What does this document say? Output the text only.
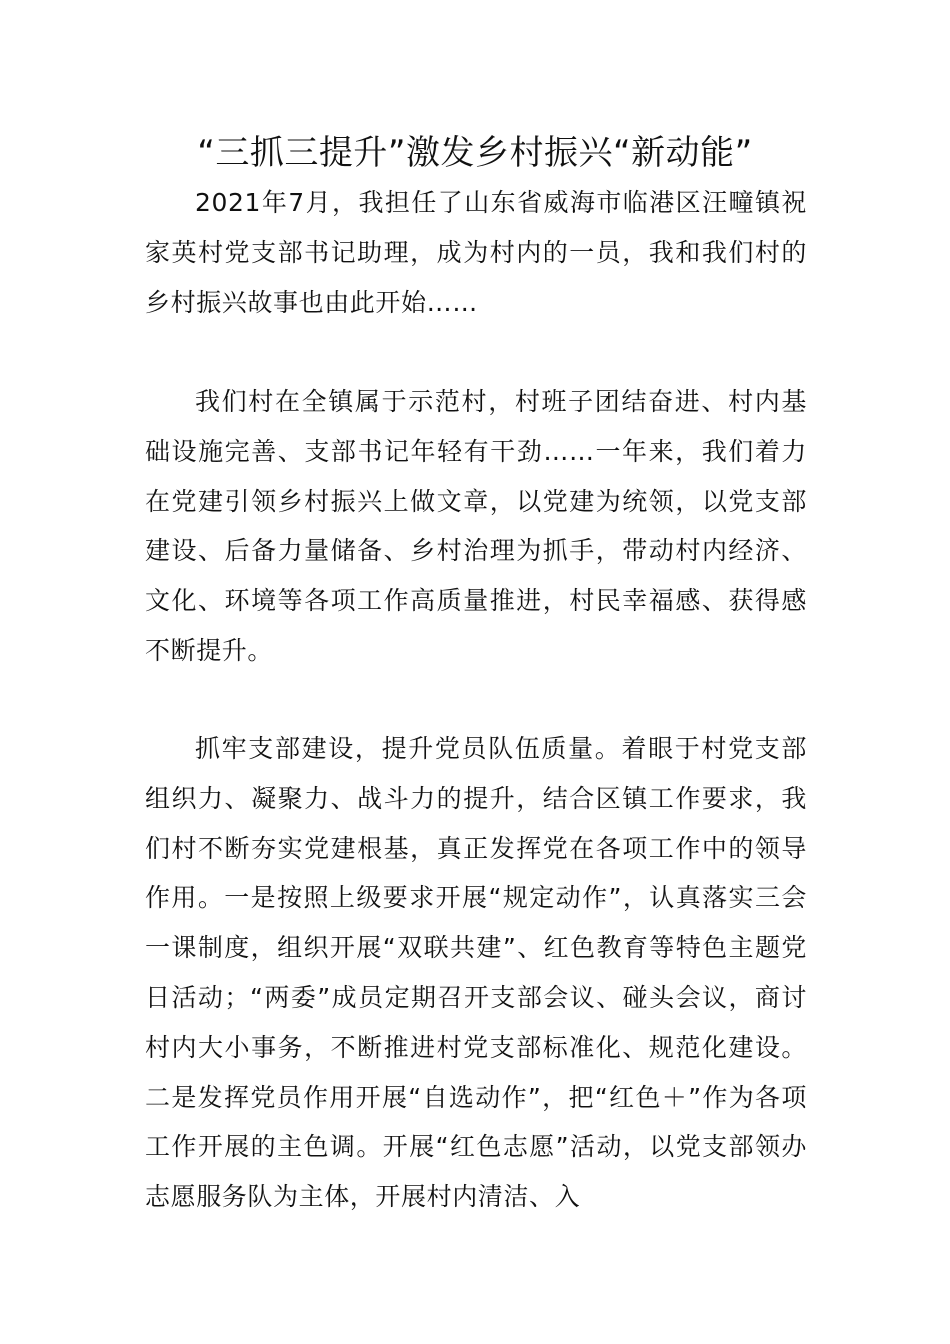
“三抓三提升”激发乡村振兴“新动能”

2021年7月，我担任了山东省威海市临港区汪疃镇祝家英村党支部书记助理，成为村内的一员，我和我们村的乡村振兴故事也由此开始……

我们村在全镇属于示范村，村班子团结奋进、村内基础设施完善、支部书记年轻有干劲……一年来，我们着力在党建引领乡村振兴上做文章，以党建为统领，以党支部建设、后备力量储备、乡村治理为抓手，带动村内经济、文化、环境等各项工作高质量推进，村民幸福感、获得感不断提升。

抓牢支部建设，提升党员队伍质量。着眼于村党支部组织力、凝聚力、战斗力的提升，结合区镇工作要求，我们村不断夯实党建根基，真正发挥党在各项工作中的领导作用。一是按照上级要求开展“规定动作”，认真落实三会一课制度，组织开展“双联共建”、红色教育等特色主题党日活动；“两委”成员定期召开支部会议、碰头会议，商讨村内大小事务，不断推进村党支部标准化、规范化建设。二是发挥党员作用开展“自选动作”，把“红色＋”作为各项工作开展的主色调。开展“红色志愿”活动，以党支部领办志愿服务队为主体，开展村内清洁、入
